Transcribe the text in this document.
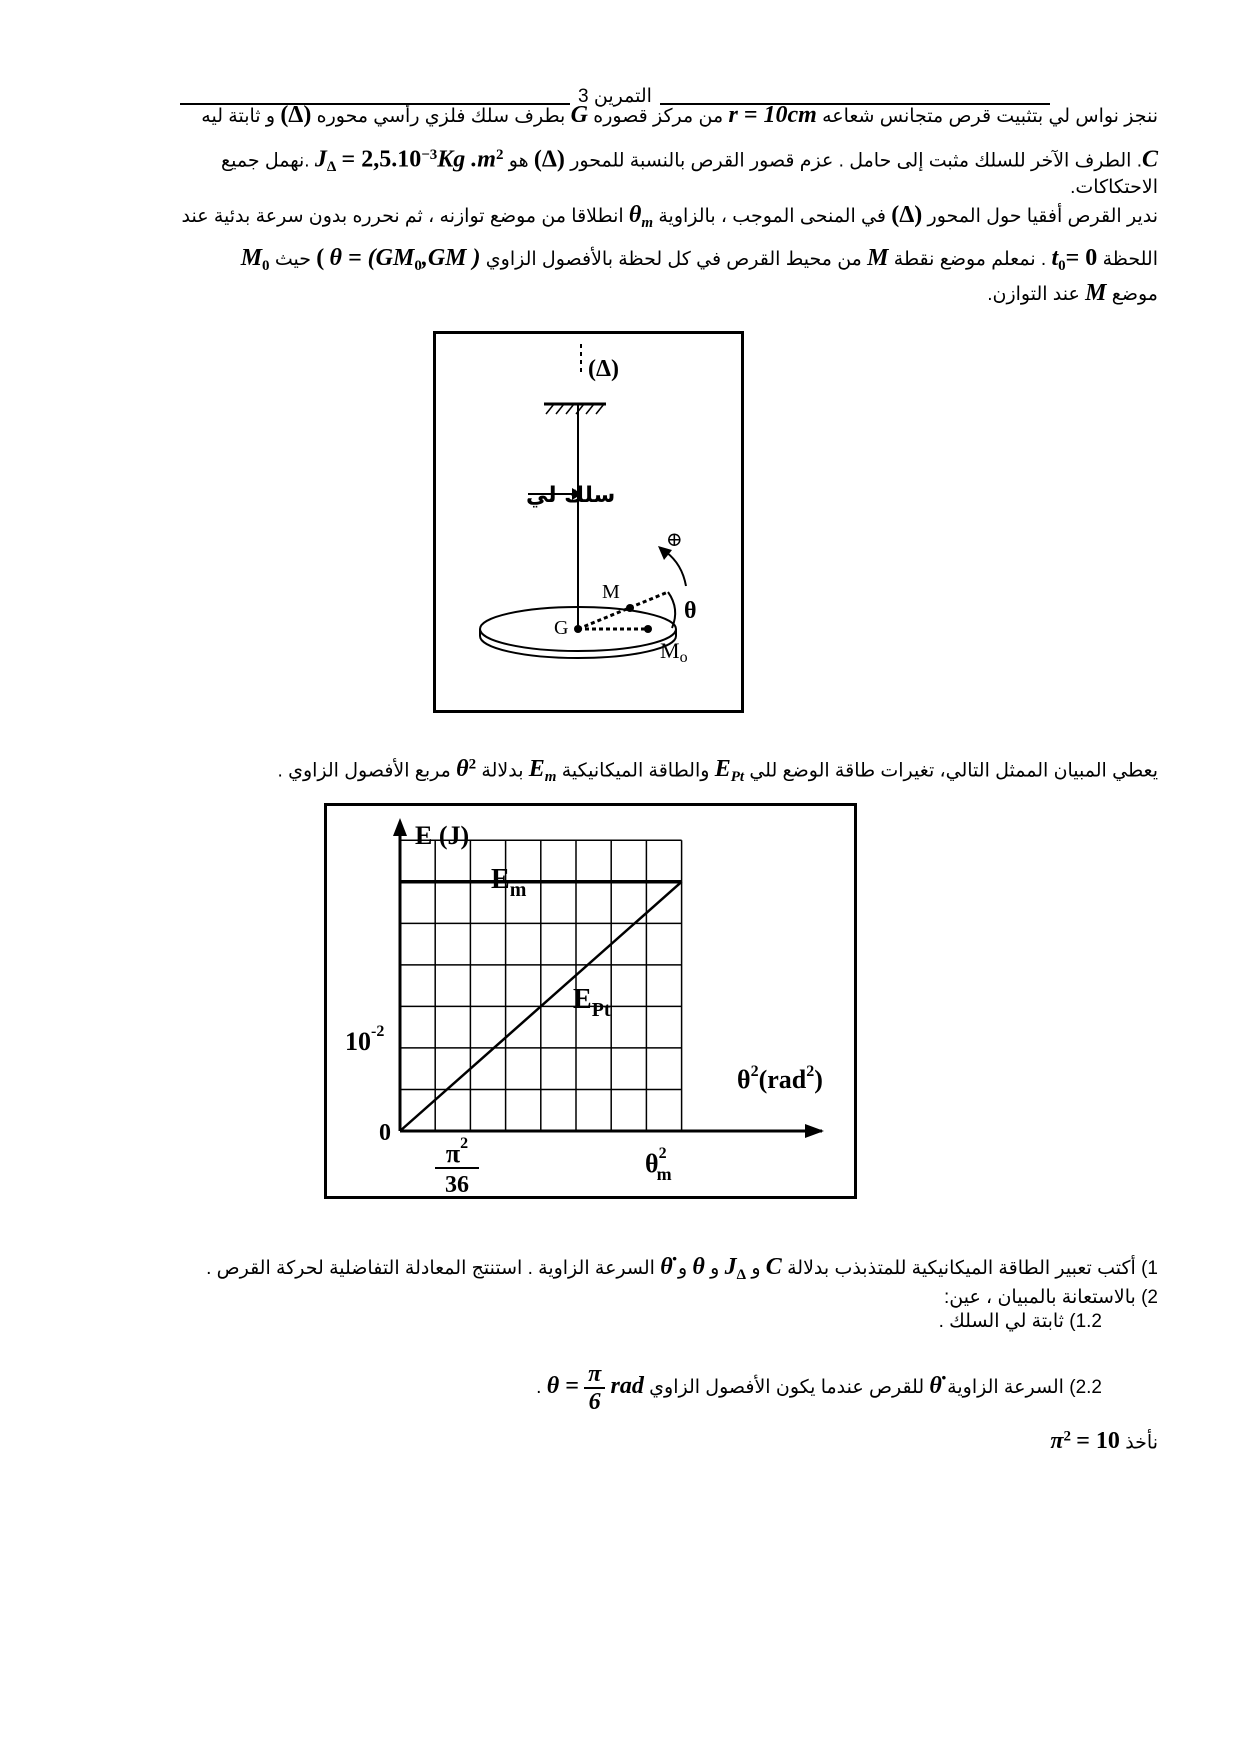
التمرين 3
ننجز نواس لي بتثبيت قرص متجانس شعاعه r = 10cm من مركز قصوره G بطرف سلك فلزي رأسي محوره (Δ) و ثابتة ليه
C. الطرف الآخر للسلك مثبت إلى حامل . عزم قصور القرص بالنسبة للمحور (Δ) هو $J_\Delta = 2,5.10^{-3}Kg$ $.m^2$ .نهمل جميع
الاحتكاكات.
ندير القرص أفقيا حول المحور (Δ) في المنحى الموجب ، بالزاوية $\theta_m$ انطلاقا من موضع توازنه ، ثم نحرره بدون سرعة بدئية عند
اللحظة $t_0= 0$ . نمعلم موضع نقطة M من محيط القرص في كل لحظة بالأفصول الزاوي ( $\theta = (GM_0,GM$ ) حيث $M_0$
موضع M عند التوازن.
(Δ)
سلك لي
G
M
Mo
θ
⊕
يعطي المبيان الممثل التالي، تغيرات طاقة الوضع للي $E_{Pt}$ والطاقة الميكانيكية $E_m$ بدلالة $\theta^2$ مربع الأفصول الزاوي .
E (J)
$\theta^2(rad^2)$
0
$10^{-2}$
$\pi^2$
36
$\theta^2$ m
$E_m$
$E_{Pt}$
1) أكتب تعبير الطاقة الميكانيكية للمتذبذب بدلالة C و $J_\Delta$ و θ و θ̇ السرعة الزاوية . استنتج المعادلة التفاضلية لحركة القرص .
2) بالاستعانة بالمبيان ، عين:
1.2) ثابتة لي السلك .
2.2) السرعة الزاوية θ̇ للقرص عندما يكون الأفصول الزاوي $\theta = \frac{\pi}{6}$ rad .
نأخذ $\pi^2 = 10$
